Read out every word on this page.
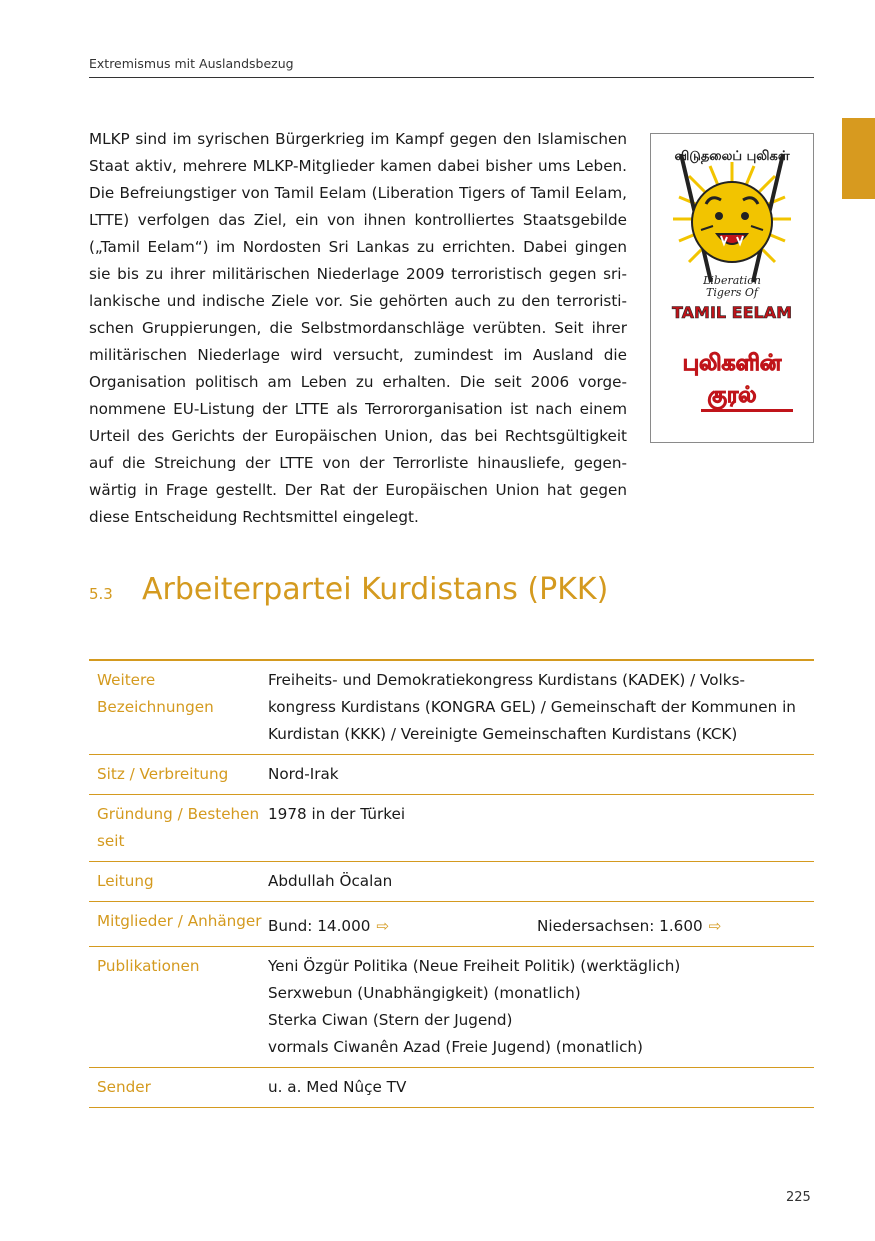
Extremismus mit Auslandsbezug

MLKP sind im syrischen Bürgerkrieg im Kampf gegen den Islamischen Staat aktiv, mehrere MLKP-Mitglieder kamen dabei bisher ums Leben. Die Befreiungstiger von Tamil Eelam (Liberation Tigers of Tamil Eelam, LTTE) verfolgen das Ziel, ein von ihnen kontrolliertes Staatsgebilde („Tamil Eelam“) im Nordosten Sri Lankas zu errichten. Dabei gingen sie bis zu ihrer militärischen Niederlage 2009 terroristisch gegen srilankische und indische Ziele vor. Sie gehörten auch zu den terroristischen Gruppierungen, die Selbstmordanschläge verübten. Seit ihrer militärischen Niederlage wird versucht, zumindest im Ausland die Organisation politisch am Leben zu erhalten. Die seit 2006 vorgenommene EU-Listung der LTTE als Terrororganisation ist nach einem Urteil des Gerichts der Europäischen Union, das bei Rechtsgültigkeit auf die Streichung der LTTE von der Terrorliste hinausliefe, gegenwärtig in Frage gestellt. Der Rat der Europäischen Union hat gegen diese Entscheidung Rechtsmittel eingelegt.

விடுதலைப் புலிகள்
Liberation
Tigers Of
TAMIL EELAM
புலிகளின்
குரல்
5.3 Arbeiterpartei Kurdistans (PKK)
Weitere Bezeichnungen	Freiheits- und Demokratiekongress Kurdistans (KADEK) / Volkskongress Kurdistans (KONGRA GEL) / Gemeinschaft der Kommunen in Kurdistan (KKK) / Vereinigte Gemeinschaften Kurdistans (KCK)
Sitz / Verbreitung	Nord-Irak
Gründung / Bestehen seit	1978 in der Türkei
Leitung	Abdullah Öcalan
Mitglieder / Anhänger	Bund: 14.000 ⇨ Niedersachsen: 1.600 ⇨

Publikationen	Yeni Özgür Politika (Neue Freiheit Politik) (werktäglich)
Serxwebun (Unabhängigkeit) (monatlich)
Sterka Ciwan (Stern der Jugend)
vormals Ciwanên Azad (Freie Jugend) (monatlich)

Sender	u. a. Med Nûçe TV
225
